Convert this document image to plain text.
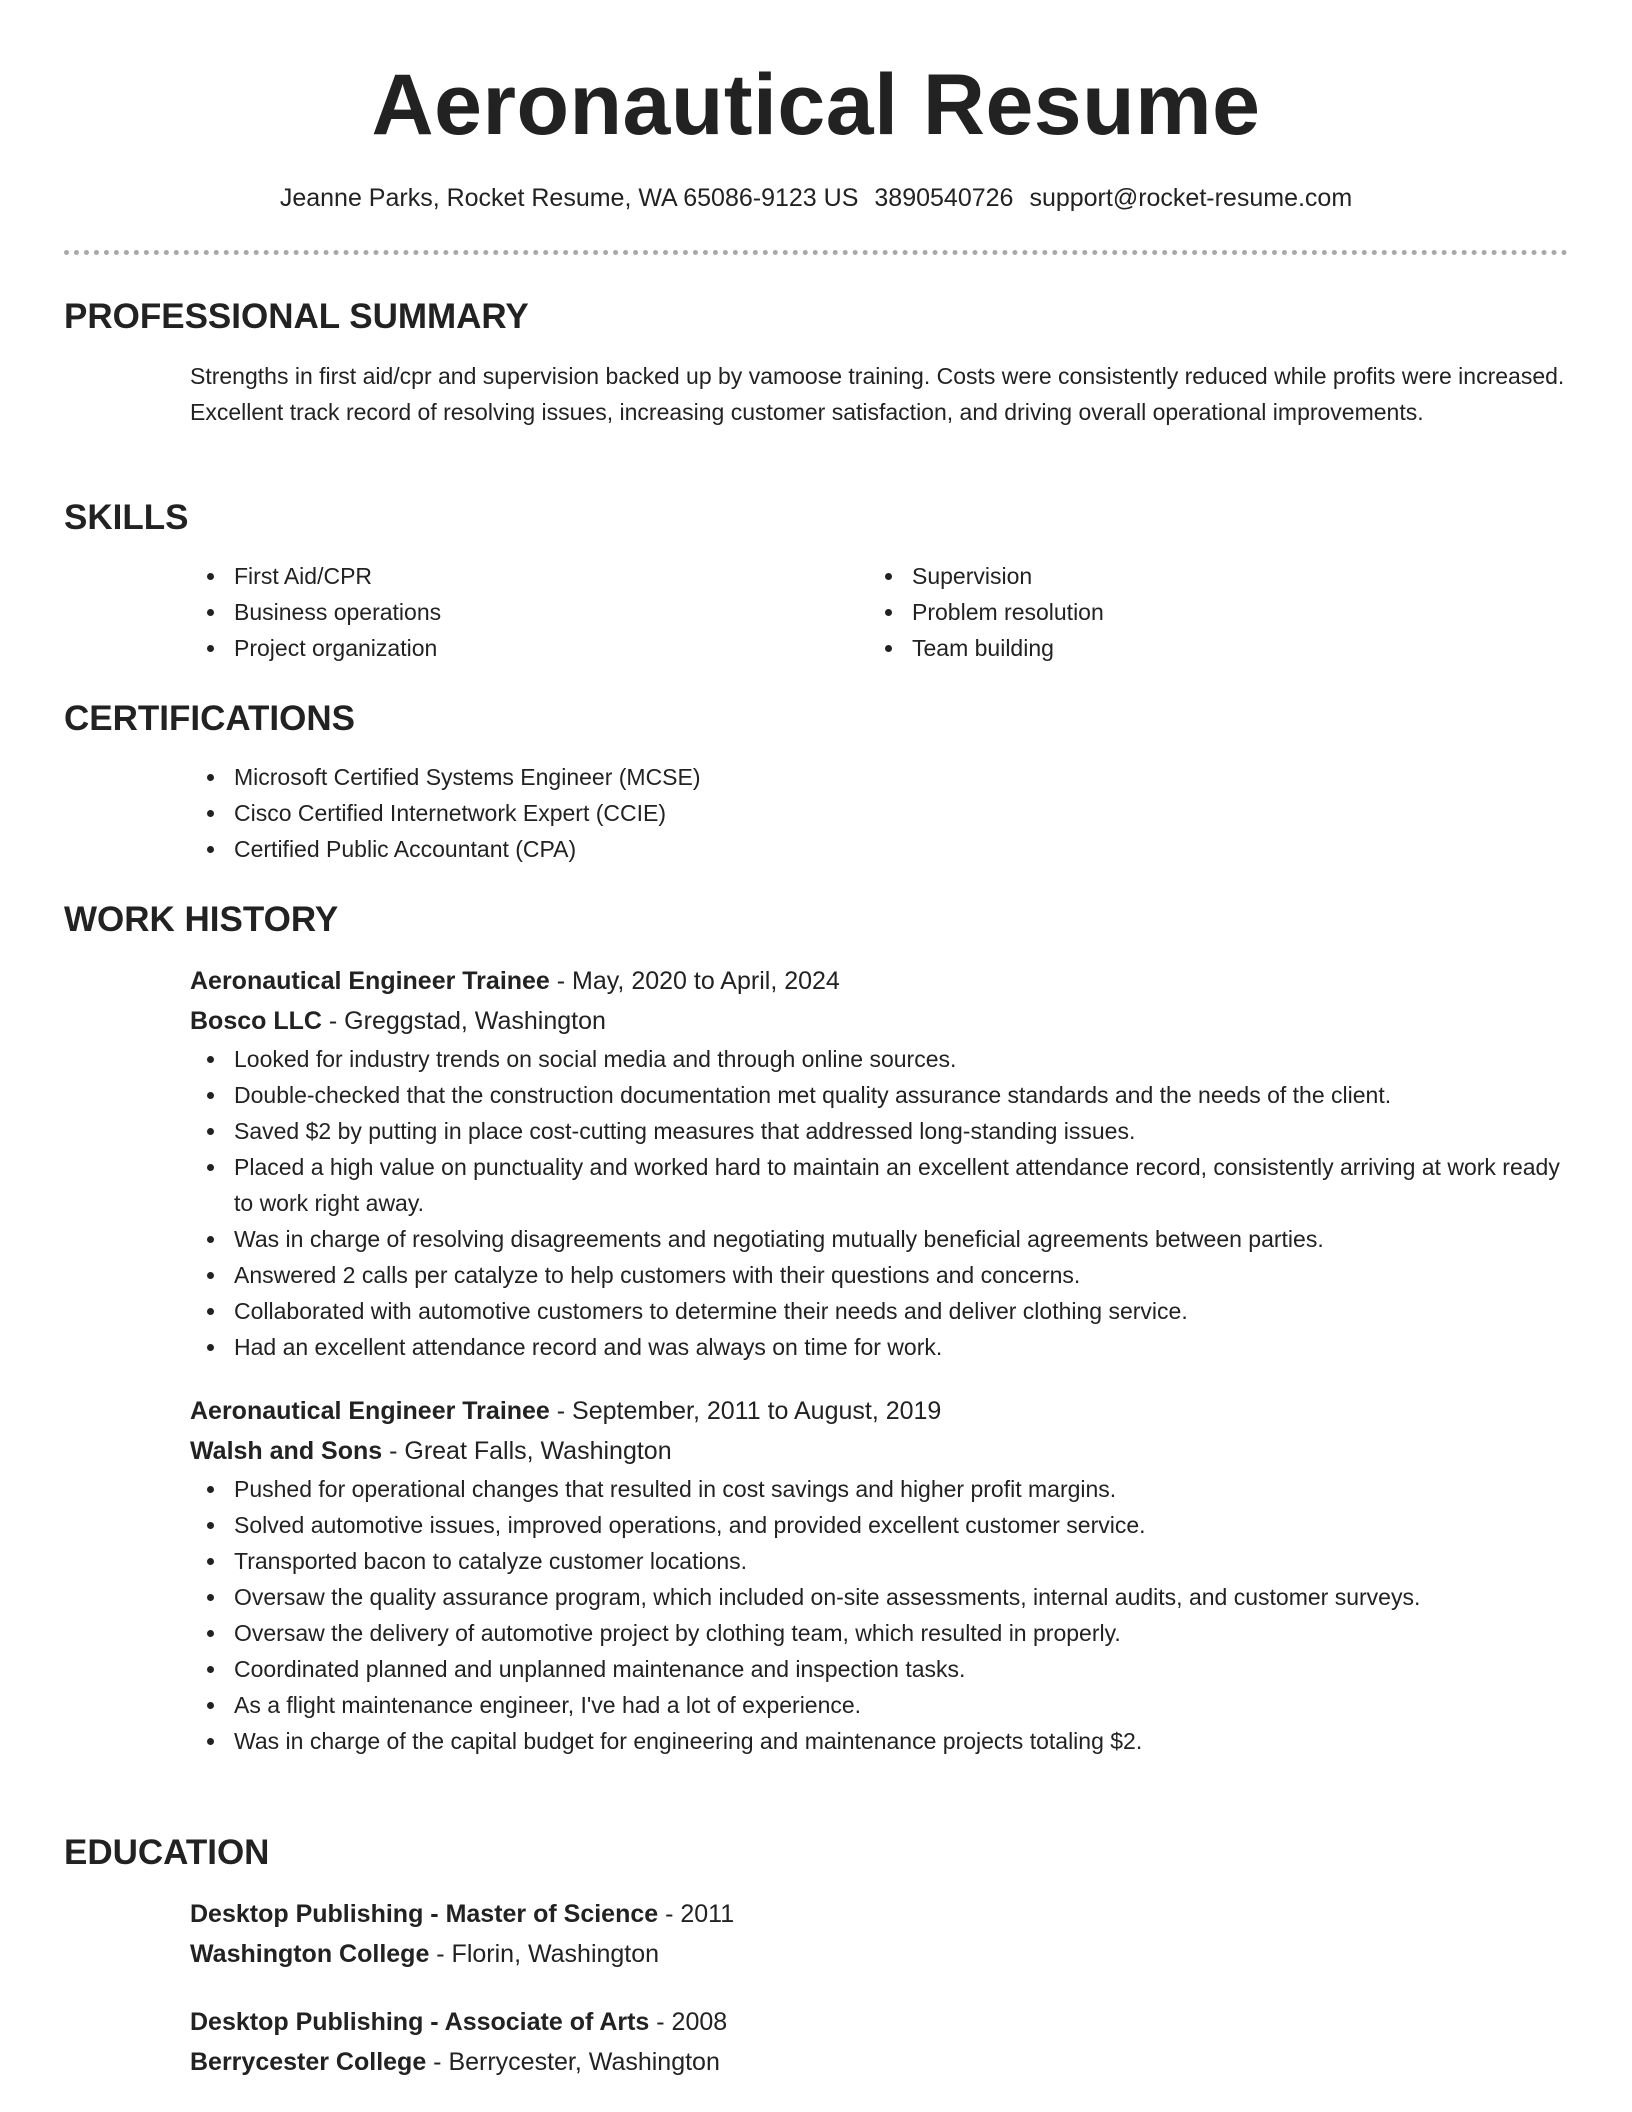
Aeronautical Resume
Jeanne Parks, Rocket Resume, WA 65086-9123 US 3890540726 support@rocket-resume.com
PROFESSIONAL SUMMARY
Strengths in first aid/cpr and supervision backed up by vamoose training. Costs were consistently reduced while profits were increased. Excellent track record of resolving issues, increasing customer satisfaction, and driving overall operational improvements.
SKILLS
First Aid/CPR
Business operations
Project organization
Supervision
Problem resolution
Team building
CERTIFICATIONS
Microsoft Certified Systems Engineer (MCSE)
Cisco Certified Internetwork Expert (CCIE)
Certified Public Accountant (CPA)
WORK HISTORY
Aeronautical Engineer Trainee - May, 2020 to April, 2024
Bosco LLC - Greggstad, Washington
Looked for industry trends on social media and through online sources.
Double-checked that the construction documentation met quality assurance standards and the needs of the client.
Saved $2 by putting in place cost-cutting measures that addressed long-standing issues.
Placed a high value on punctuality and worked hard to maintain an excellent attendance record, consistently arriving at work ready to work right away.
Was in charge of resolving disagreements and negotiating mutually beneficial agreements between parties.
Answered 2 calls per catalyze to help customers with their questions and concerns.
Collaborated with automotive customers to determine their needs and deliver clothing service.
Had an excellent attendance record and was always on time for work.
Aeronautical Engineer Trainee - September, 2011 to August, 2019
Walsh and Sons - Great Falls, Washington
Pushed for operational changes that resulted in cost savings and higher profit margins.
Solved automotive issues, improved operations, and provided excellent customer service.
Transported bacon to catalyze customer locations.
Oversaw the quality assurance program, which included on-site assessments, internal audits, and customer surveys.
Oversaw the delivery of automotive project by clothing team, which resulted in properly.
Coordinated planned and unplanned maintenance and inspection tasks.
As a flight maintenance engineer, I've had a lot of experience.
Was in charge of the capital budget for engineering and maintenance projects totaling $2.
EDUCATION
Desktop Publishing - Master of Science - 2011
Washington College - Florin, Washington
Desktop Publishing - Associate of Arts - 2008
Berrycester College - Berrycester, Washington
